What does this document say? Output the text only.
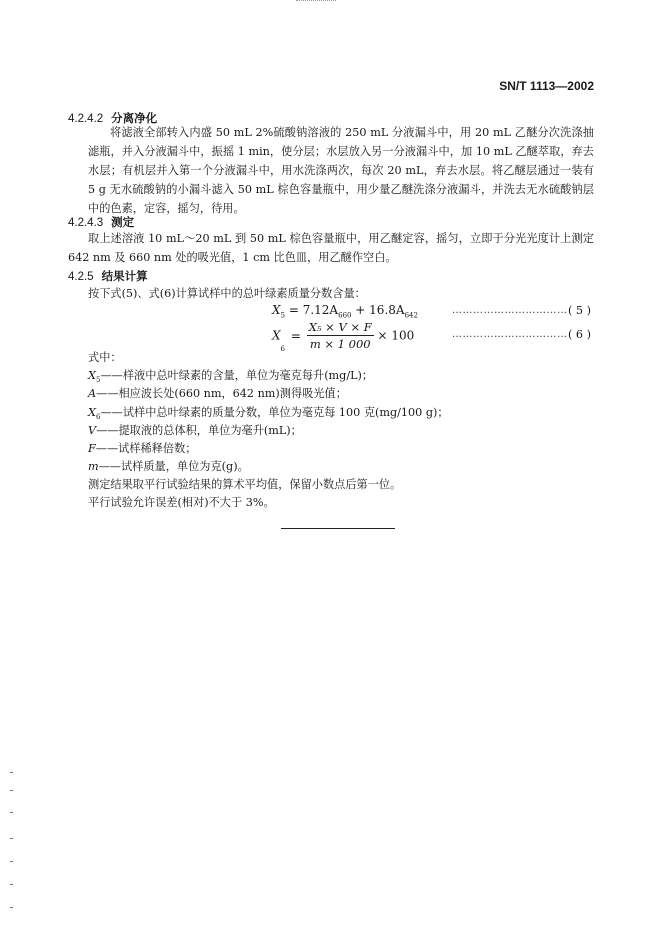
SN/T 1113—2002
4.2.4.2 分离净化
将滤液全部转入内盛 50 mL 2%硫酸钠溶液的 250 mL 分液漏斗中，用 20 mL 乙醚分次洗涤抽滤瓶，并入分液漏斗中，振摇 1 min，使分层；水层放入另一分液漏斗中，加 10 mL 乙醚萃取，弃去水层；有机层并入第一个分液漏斗中，用水洗涤两次，每次 20 mL，弃去水层。将乙醚层通过一装有 5 g 无水硫酸钠的小漏斗滤入 50 mL 棕色容量瓶中，用少量乙醚洗涤分液漏斗，并洗去无水硫酸钠层中的色素，定容，摇匀，待用。
4.2.4.3 测定
取上述溶液 10 mL～20 mL 到 50 mL 棕色容量瓶中，用乙醚定容，摇匀，立即于分光光度计上测定 642 nm 及 660 nm 处的吸光值，1 cm 比色皿，用乙醚作空白。
4.2.5 结果计算
按下式(5)、式(6)计算试样中的总叶绿素质量分数含量：
$X_5 = 7.12A_{660} + 16.8A_{642}$	…………………………… ( 5 )
$X_6 = \frac{\text{X₅ × V × F}}{m \times 1 000} \times 100$	…………………………… ( 6 )
式中：
$X_5——$样液中总叶绿素的含量，单位为毫克每升(mg/L)；
A——相应波长处(660 nm，642 nm)测得吸光值；
$X_6——$试样中总叶绿素的质量分数，单位为毫克每 100 克(mg/100 g)；
V——提取液的总体积，单位为毫升(mL)；
F——试样稀释倍数；
m——试样质量，单位为克(g)。
测定结果取平行试验结果的算术平均值，保留小数点后第一位。
平行试验允许误差(相对)不大于 3%。
